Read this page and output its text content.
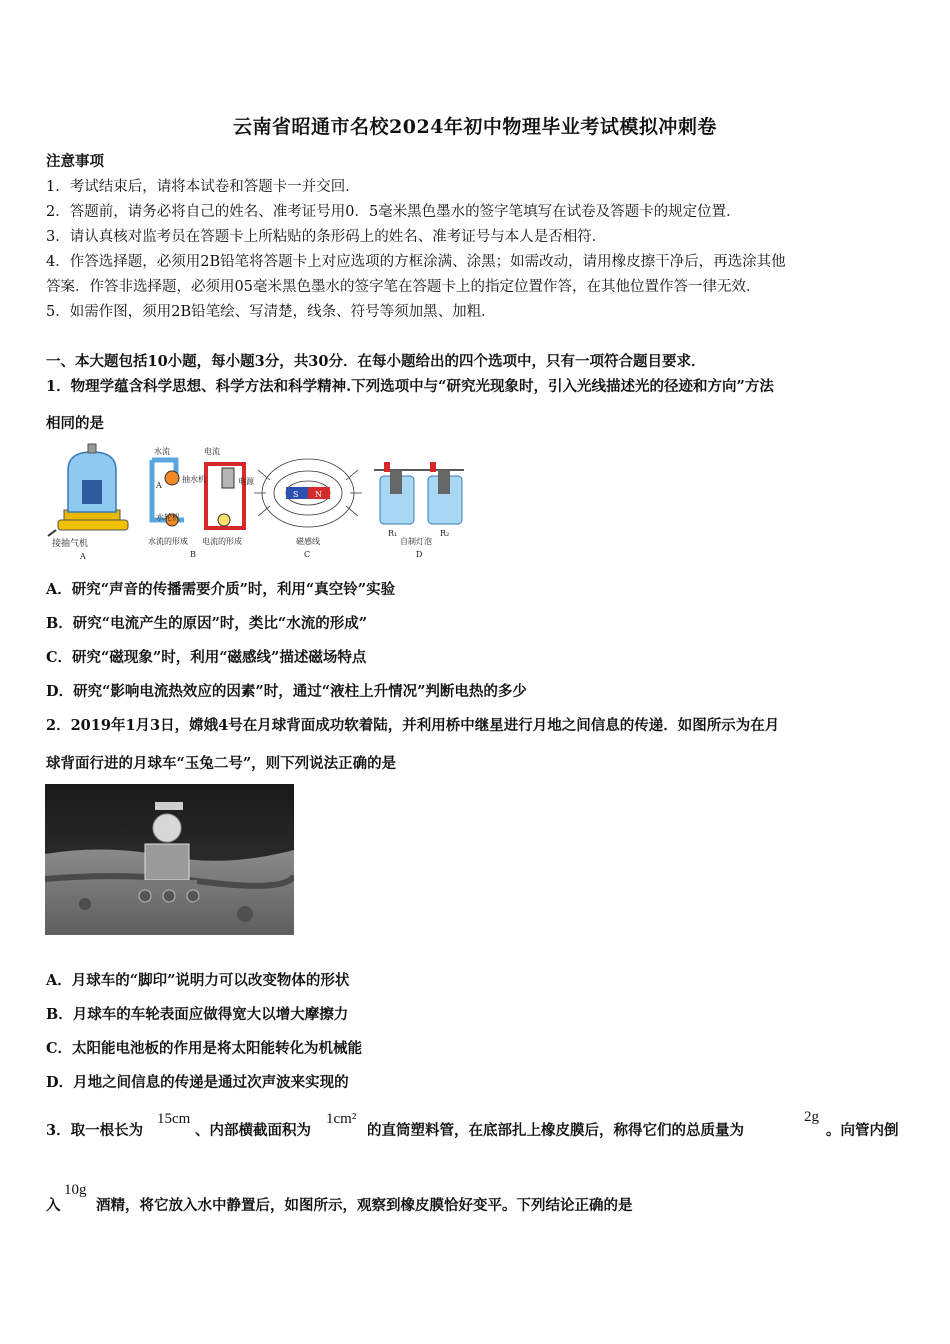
云南省昭通市名校2024年初中物理毕业考试模拟冲刺卷
注意事项
1．考试结束后，请将本试卷和答题卡一并交回．
2．答题前，请务必将自己的姓名、准考证号用0．5毫米黑色墨水的签字笔填写在试卷及答题卡的规定位置．
3．请认真核对监考员在答题卡上所粘贴的条形码上的姓名、准考证号与本人是否相符．
4．作答选择题，必须用2B铅笔将答题卡上对应选项的方框涂满、涂黑；如需改动，请用橡皮擦干净后，再选涂其他
答案．作答非选择题，必须用05毫米黑色墨水的签字笔在答题卡上的指定位置作答，在其他位置作答一律无效．
5．如需作图，须用2B铅笔绘、写清楚，线条、符号等须加黑、加粗．
一、本大题包括10小题，每小题3分，共30分．在每小题给出的四个选项中，只有一项符合题目要求．
1．物理学蕴含科学思想、科学方法和科学精神.下列选项中与“研究光现象时，引入光线描述光的径迹和方向”方法
相同的是
接抽气机
A
水流	电流
抽水机	电源
水轮机
A
水流的形成 电流的形成
B
S N
磁感线
C
R₁	R₂
自制灯泡
D
A．研究“声音的传播需要介质”时，利用“真空铃”实验
B．研究“电流产生的原因”时，类比“水流的形成”
C．研究“磁现象”时，利用“磁感线”描述磁场特点
D．研究“影响电流热效应的因素”时，通过“液柱上升情况”判断电热的多少
2．2019年1月3日，嫦娥4号在月球背面成功软着陆，并利用桥中继星进行月地之间信息的传递．如图所示为在月
球背面行进的月球车“玉兔二号”，则下列说法正确的是
A．月球车的“脚印”说明力可以改变物体的形状
B．月球车的车轮表面应做得宽大以增大摩擦力
C．太阳能电池板的作用是将太阳能转化为机械能
D．月地之间信息的传递是通过次声波来实现的
3．取一根长为
15cm
、内部横截面积为
1cm²
的直筒塑料管，在底部扎上橡皮膜后，称得它们的总质量为
2g
。向管内倒
入
10g
酒精，将它放入水中静置后，如图所示，观察到橡皮膜恰好变平。下列结论正确的是
